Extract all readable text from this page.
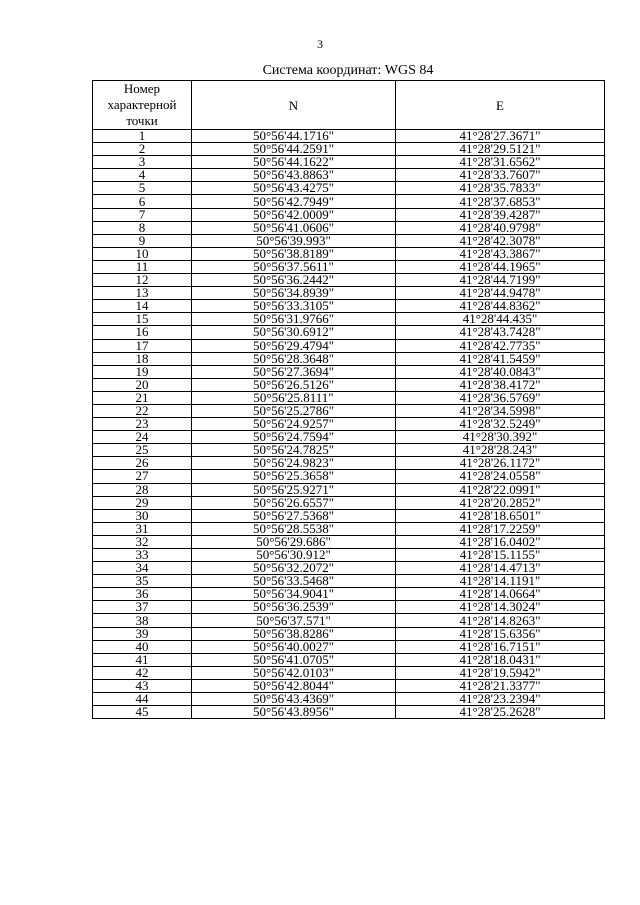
3
Система координат: WGS 84
Номер
характерной
точки	N	E
1	50°56'44.1716"	41°28'27.3671"
2	50°56'44.2591"	41°28'29.5121"
3	50°56'44.1622"	41°28'31.6562"
4	50°56'43.8863"	41°28'33.7607"
5	50°56'43.4275"	41°28'35.7833"
6	50°56'42.7949"	41°28'37.6853"
7	50°56'42.0009"	41°28'39.4287"
8	50°56'41.0606"	41°28'40.9798"
9	50°56'39.993"	41°28'42.3078"
10	50°56'38.8189"	41°28'43.3867"
11	50°56'37.5611"	41°28'44.1965"
12	50°56'36.2442"	41°28'44.7199"
13	50°56'34.8939"	41°28'44.9478"
14	50°56'33.3105"	41°28'44.8362"
15	50°56'31.9766"	41°28'44.435"
16	50°56'30.6912"	41°28'43.7428"
17	50°56'29.4794"	41°28'42.7735"
18	50°56'28.3648"	41°28'41.5459"
19	50°56'27.3694"	41°28'40.0843"
20	50°56'26.5126"	41°28'38.4172"
21	50°56'25.8111"	41°28'36.5769"
22	50°56'25.2786"	41°28'34.5998"
23	50°56'24.9257"	41°28'32.5249"
24	50°56'24.7594"	41°28'30.392"
25	50°56'24.7825"	41°28'28.243"
26	50°56'24.9823"	41°28'26.1172"
27	50°56'25.3658"	41°28'24.0558"
28	50°56'25.9271"	41°28'22.0991"
29	50°56'26.6557"	41°28'20.2852"
30	50°56'27.5368"	41°28'18.6501"
31	50°56'28.5538"	41°28'17.2259"
32	50°56'29.686"	41°28'16.0402"
33	50°56'30.912"	41°28'15.1155"
34	50°56'32.2072"	41°28'14.4713"
35	50°56'33.5468"	41°28'14.1191"
36	50°56'34.9041"	41°28'14.0664"
37	50°56'36.2539"	41°28'14.3024"
38	50°56'37.571"	41°28'14.8263"
39	50°56'38.8286"	41°28'15.6356"
40	50°56'40.0027"	41°28'16.7151"
41	50°56'41.0705"	41°28'18.0431"
42	50°56'42.0103"	41°28'19.5942"
43	50°56'42.8044"	41°28'21.3377"
44	50°56'43.4369"	41°28'23.2394"
45	50°56'43.8956"	41°28'25.2628"
